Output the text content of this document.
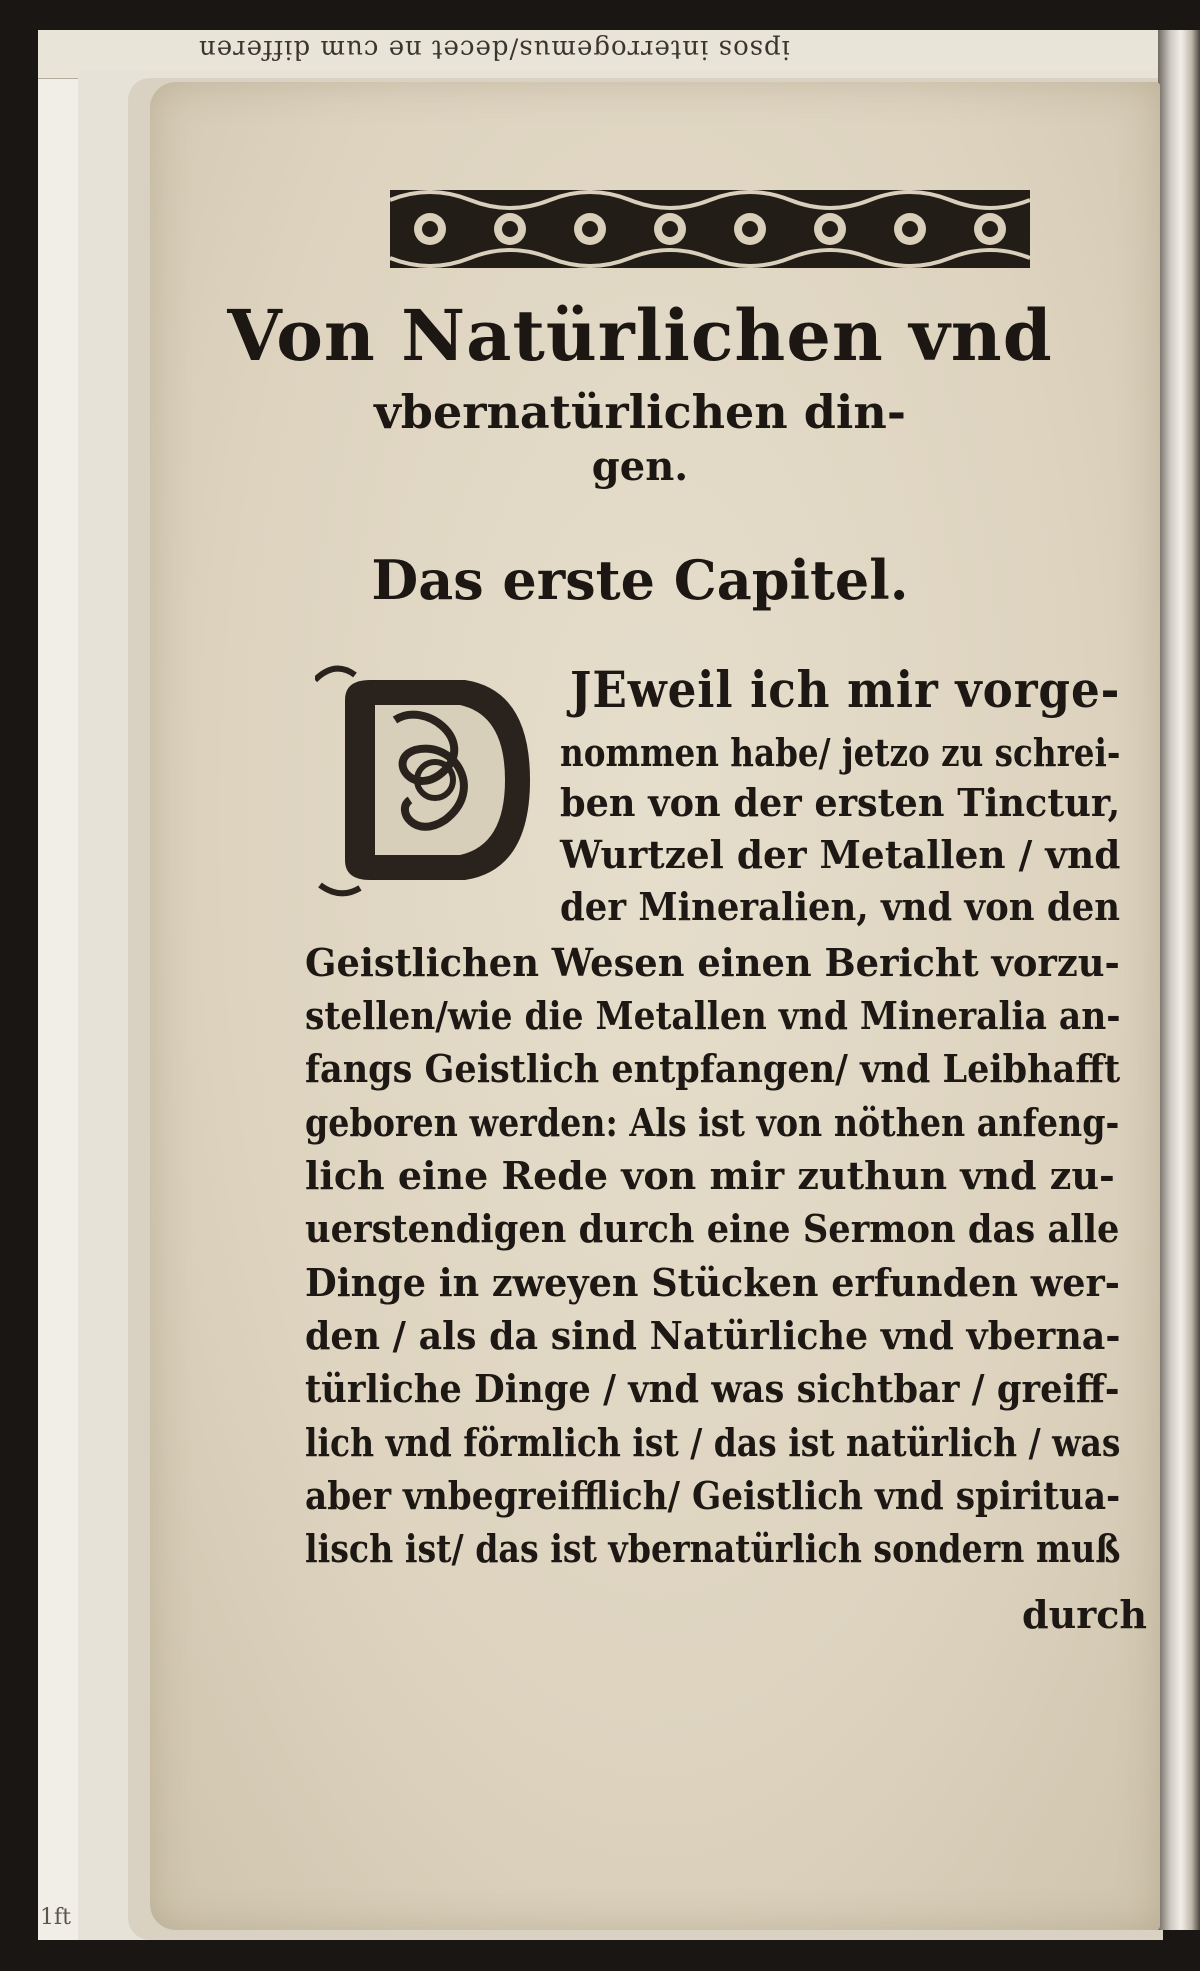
ipsos interrogemus/decet ne cum differen
Von Natürlichen vnd
vbernatürlichen din-
gen.
Das erste Capitel.
JEweil ich mir vorge-
nommen habe/ jetzo zu schrei-
ben von der ersten Tinctur,
Wurtzel der Metallen / vnd
der Mineralien, vnd von den
Geistlichen Wesen einen Bericht vorzu-
stellen/wie die Metallen vnd Mineralia an-
fangs Geistlich entpfangen/ vnd Leibhafft
geboren werden: Als ist von nöthen anfeng-
lich eine Rede von mir zuthun vnd zu-
uerstendigen durch eine Sermon das alle
Dinge in zweyen Stücken erfunden wer-
den / als da sind Natürliche vnd vberna-
türliche Dinge / vnd was sichtbar / greiff-
lich vnd förmlich ist / das ist natürlich / was
aber vnbegreifflich/ Geistlich vnd spiritua-
lisch ist/ das ist vbernatürlich sondern muß
durch
1ft
